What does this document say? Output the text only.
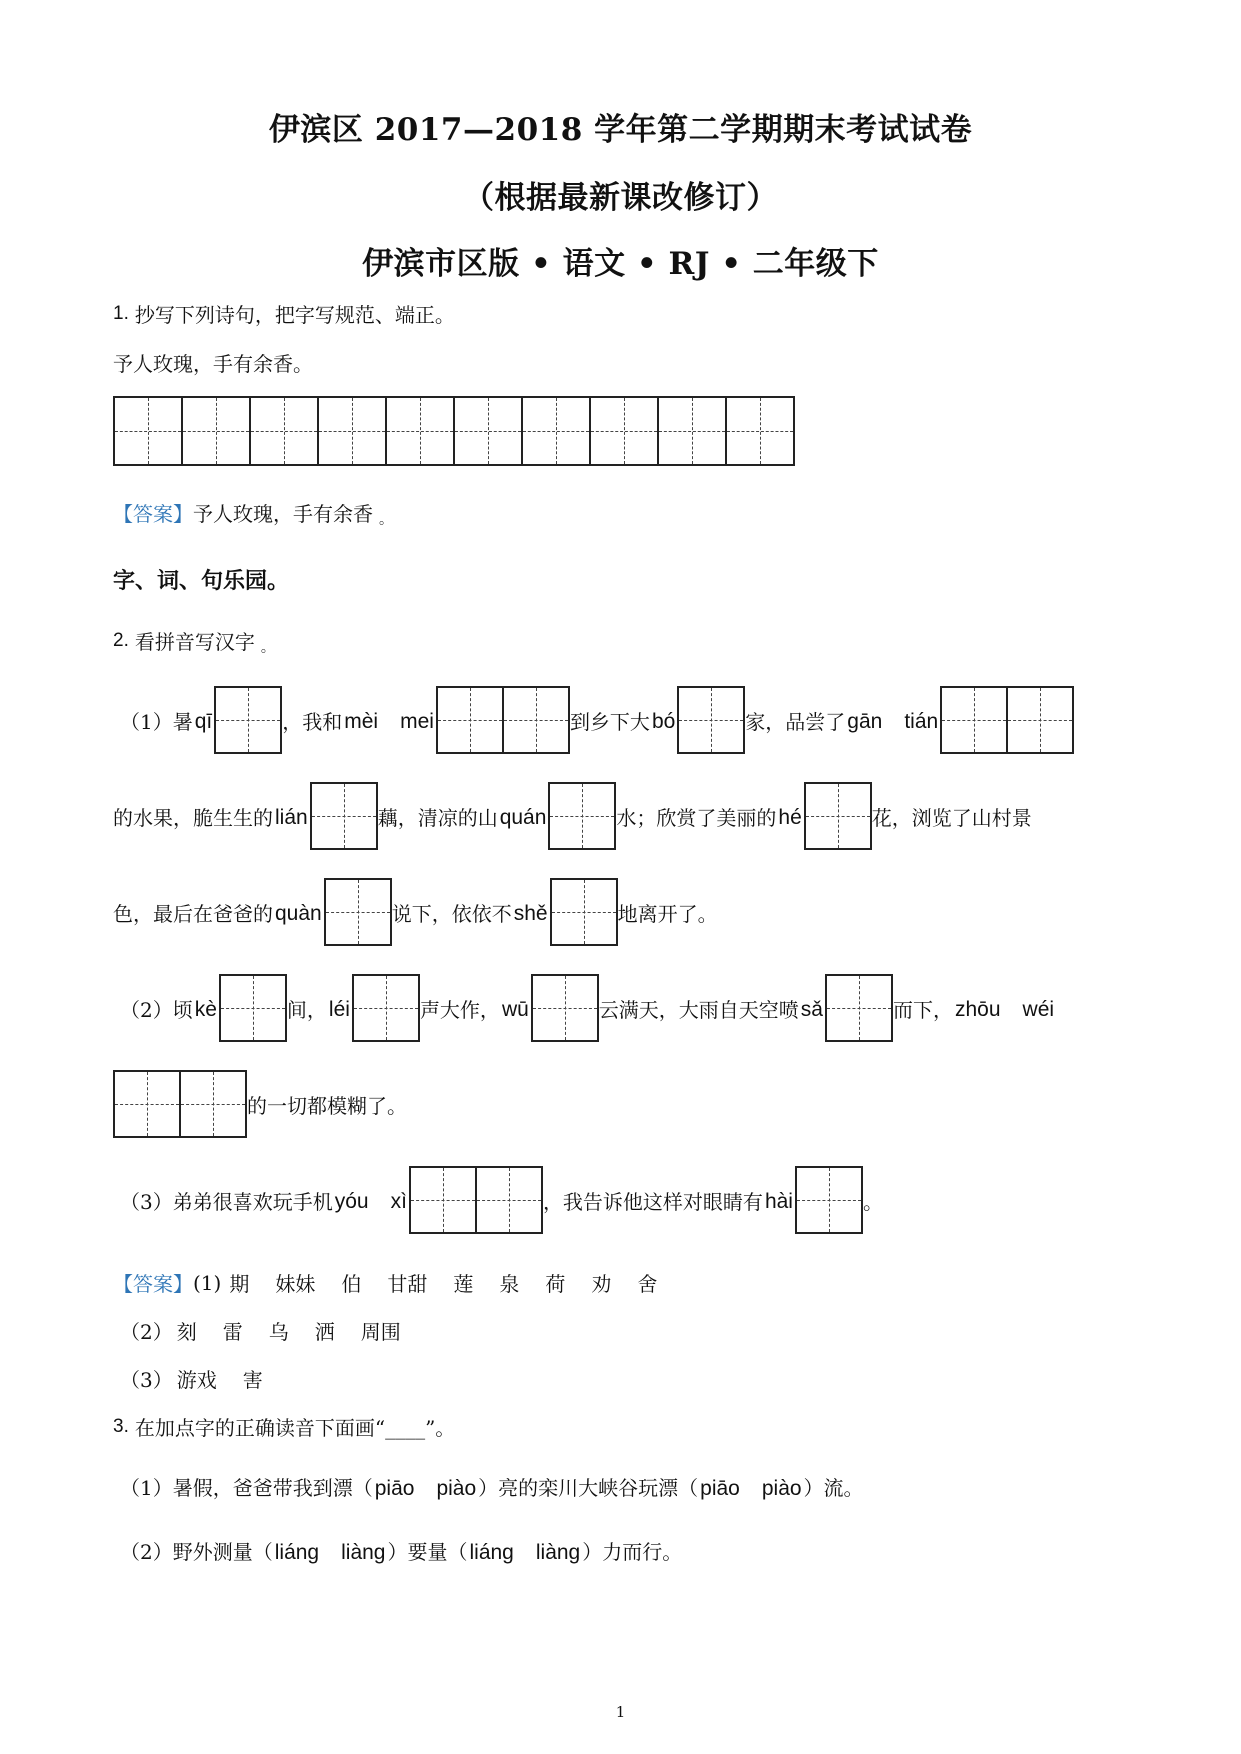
伊滨区 2017—2018 学年第二学期期末考试试卷
（根据最新课改修订）
伊滨市区版 • 语文 • RJ • 二年级下
1. 抄写下列诗句，把字写规范、端正。
予人玫瑰，手有余香。
【答案】 予人玫瑰，手有余香 。
字、词、句乐园。
2. 看拼音写汉字 。
（1）暑 qī	，我和 mèi mei	到乡下大 bó	家，品尝了 gān tián
的水果，脆生生的 lián	藕，清凉的山 quán	水；欣赏了美丽的 hé	花，浏览了山村景
色，最后在爸爸的 quàn	说下，依依不 shě	地离开了。
（2）顷 kè	间， léi	声大作， wū	云满天，大雨自天空喷 sǎ	而下， zhōu wéi
的一切都模糊了。
（3）弟弟很喜欢玩手机 yóu xì	，我告诉他这样对眼睛有 hài	。
【答案】 (1) 期 妹妹 伯 甘甜 莲 泉 荷 劝 舍
（2） 刻 雷 乌 洒 周围
（3） 游戏 害
3. 在加点字的正确读音下面画“____”。
（1）暑假，爸爸带我到漂（ piāo piào ）亮的栾川大峡谷玩漂（ piāo piào ）流。
（2）野外测量（ liáng liàng ）要量（ liáng liàng ）力而行。
1
